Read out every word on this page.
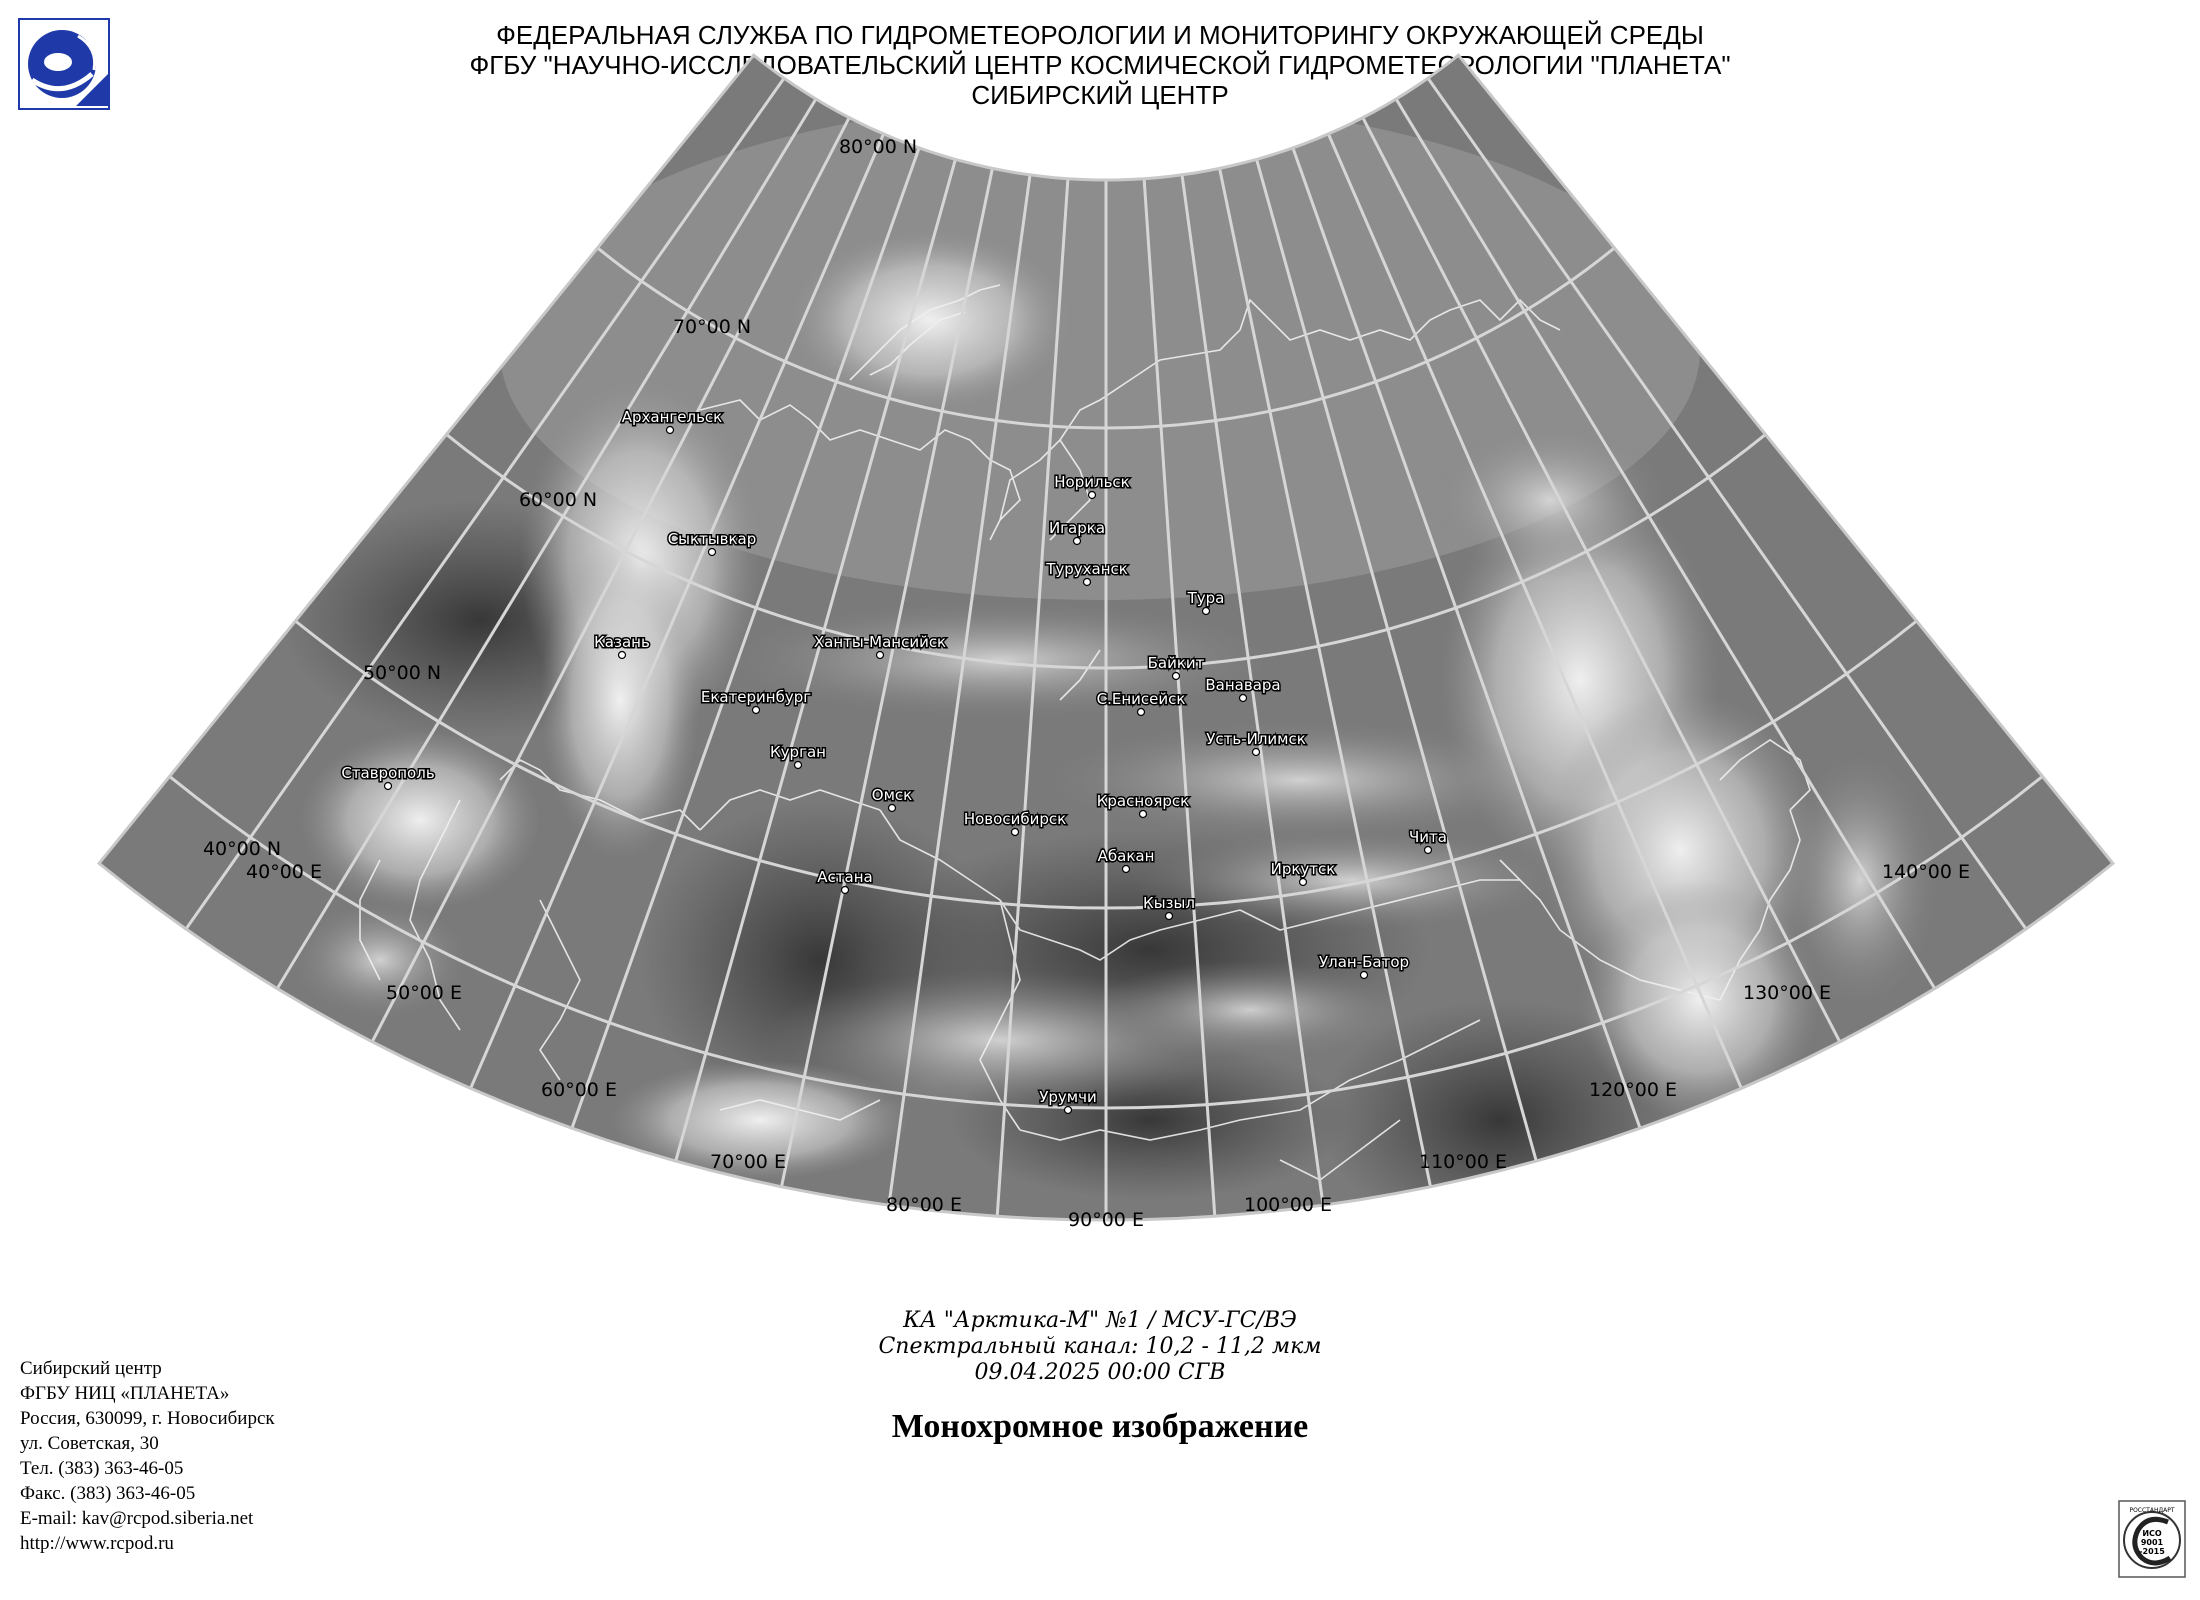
ФЕДЕРАЛЬНАЯ СЛУЖБА ПО ГИДРОМЕТЕОРОЛОГИИ И МОНИТОРИНГУ ОКРУЖАЮЩЕЙ СРЕДЫ
ФГБУ "НАУЧНО-ИССЛЕДОВАТЕЛЬСКИЙ ЦЕНТР КОСМИЧЕСКОЙ ГИДРОМЕТЕОРОЛОГИИ "ПЛАНЕТА"
СИБИРСКИЙ ЦЕНТР
80°00 N
70°00 N
60°00 N
50°00 N
40°00 N
40°00 E
50°00 E
60°00 E
70°00 E
80°00 E
90°00 E
100°00 E
110°00 E
120°00 E
130°00 E
140°00 E
Архангельск
Сыктывкар
Казань
Ставрополь
Екатеринбург
Курган
Ханты-Мансийск
Омск
Астана
Новосибирск
Норильск
Игарка
Туруханск
Тура
Байкит
Ванавара
С.Енисейск
Усть-Илимск
Красноярск
Абакан
Кызыл
Иркутск
Чита
Улан-Батор
Урумчи
КА "Арктика-М" №1 / МСУ-ГС/ВЭ
Спектральный канал: 10,2 - 11,2 мкм
09.04.2025 00:00 СГВ
Монохромное изображение
Сибирский центр
ФГБУ НИЦ «ПЛАНЕТА»
Россия, 630099, г. Новосибирск
ул. Советская, 30
Тел. (383) 363-46-05
Факс. (383) 363-46-05
E-mail: kav@rcpod.siberia.net
http://www.rcpod.ru
РОССТАНДАРТ
ИСО
9001
-2015
